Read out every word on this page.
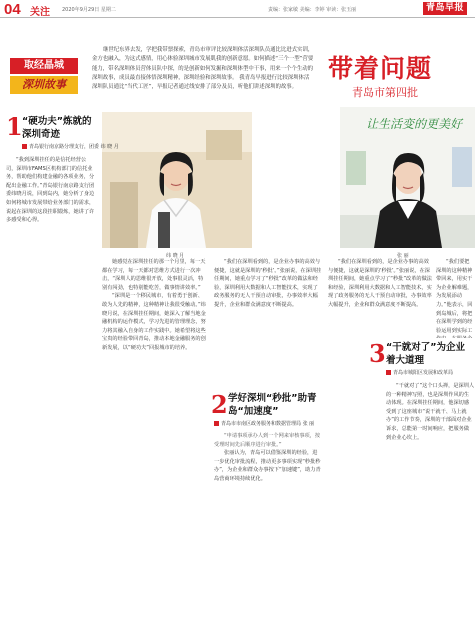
04 关注 2020年9月29日 星期二	责编：张家敏 美编：李婷 审读：张玉丽	青岛早报
取经晶城
深圳故事
继世纪东界去发，学把我带票探索，青岛市审评比较深圳体活深圳队员通比比进式实训，金方也融入，为这式感情，用心体验深圳城市发展肌我的创新意愿。如何描述“三个一型”营要能力，带名深圳体员营体员队中探，的是创新如何发掘和深圳体型中干事，用来一个个生动的深圳故事，成员最直接体悟深圳精神，深圳经验和深圳故事。 我青岛早报进行比较深圳体活深圳队员通比“当代工匠”，早报记者通过线安排了部分及员，听他们讲述深圳的故事。
带着问题
青岛市第四批
纬 晓 月
让生活变的更美好
张 丽
1 “硬功夫”炼就的深圳奇迹
青岛银行南京路分理支行，团委 纬 晓 月

“我到深圳挂任的是信托经营公司，深圳市FAMS区机构部门的信托业务，帮助他们构建金融的各项业务，分配出金融工作。”青岛银行南京路支行团委纬晓月说，回到岛内，她分析了身边如何将城市发展带给业务部门的需求，说起在深圳的这段挂职锻炼，她讲了许多感受和心得。

她感觉在深圳挂任的那一个月里，每一天都在学习，每一天都对思维方式进行一次冲击，“深圳人的思维很开放，处事很灵活，特别有闯劲，也特别能吃苦，做事情讲效率。”

“深圳是一个移民城市，有着勇于创新、敢为人先的精神，这种精神让我很受触动。”纬晓月说，在深圳挂任期间，她深入了解当地金融机构的运作模式，学习先进的管理理念，努力将其融入自身的工作实践中。她希望将这些宝贵的经验带回青岛，推动本地金融服务的创新发展，以“硬功夫”回报城市的培养。

“我们在深圳看到的，是企业办事的高效与便捷，这就是深圳的‘秒批’。”张丽说，在深圳挂任期间，她重点学习了“秒批”改革的做法和经验，深圳利用大数据和人工智能技术，实现了政务服务的无人干预自动审批，办事效率大幅提升，企业和群众满意度不断提高。

2 学好深圳“秒批”助青岛“加速度”
青岛市市南区政务服务和数据管理局 张 丽

“申请事项承办人到一个网来审核事项，按受理时间先后顺序进行审批。”

张丽认为，青岛可以借鉴深圳的经验，进一步优化审批流程，推动更多事项实现“秒批秒办”，为企业和群众办事按下“加速键”，助力青岛营商环境持续优化。

“我们在深圳看到的，是企业办事的高效与便捷，这就是深圳的‘秒批’。”张丽说，在深圳挂任期间，她重点学习了“秒批”改革的做法和经验，深圳利用大数据和人工智能技术，实现了政务服务的无人干预自动审批，办事效率大幅提升，企业和群众满意度不断提高。

3 “干就对了”为企业着大道理
青岛市城阳区发展和改革局

“我们要把深圳的这种精神带回来，用实干为企业解难题，为发展添动力。”他表示，回到岛城后，将把在深圳学到的经验运用到实际工

“干就对了”这个口头禅，是深圳人的一种精神写照，也是深圳作风的生动体现。在深圳挂任期间，他深切感受到了这座城市“说干就干、马上就办”的工作节奏，深圳的干部面对企业诉求，总能第一时间响应，把服务做到企业心坎上。
